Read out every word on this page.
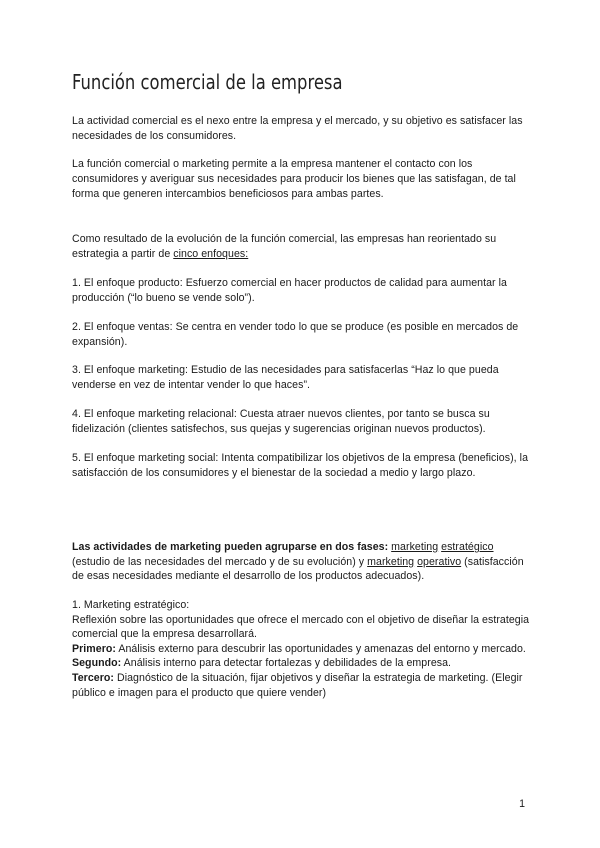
Función comercial de la empresa

La actividad comercial es el nexo entre la empresa y el mercado, y su objetivo es satisfacer las necesidades de los consumidores.

La función comercial o marketing permite a la empresa mantener el contacto con los consumidores y averiguar sus necesidades para producir los bienes que las satisfagan, de tal forma que generen intercambios beneficiosos para ambas partes.

Como resultado de la evolución de la función comercial, las empresas han reorientado su estrategia a partir de cinco enfoques:

1. El enfoque producto: Esfuerzo comercial en hacer productos de calidad para aumentar la producción (“lo bueno se vende solo”).

2. El enfoque ventas: Se centra en vender todo lo que se produce (es posible en mercados de expansión).

3. El enfoque marketing: Estudio de las necesidades para satisfacerlas “Haz lo que pueda venderse en vez de intentar vender lo que haces”.

4. El enfoque marketing relacional: Cuesta atraer nuevos clientes, por tanto se busca su fidelización (clientes satisfechos, sus quejas y sugerencias originan nuevos productos).

5. El enfoque marketing social: Intenta compatibilizar los objetivos de la empresa (beneficios), la satisfacción de los consumidores y el bienestar de la sociedad a medio y largo plazo.

Las actividades de marketing pueden agruparse en dos fases: marketing estratégico (estudio de las necesidades del mercado y de su evolución) y marketing operativo (satisfacción de esas necesidades mediante el desarrollo de los productos adecuados).

1. Marketing estratégico:
Reflexión sobre las oportunidades que ofrece el mercado con el objetivo de diseñar la estrategia comercial que la empresa desarrollará.
Primero: Análisis externo para descubrir las oportunidades y amenazas del entorno y mercado.
Segundo: Análisis interno para detectar fortalezas y debilidades de la empresa.
Tercero: Diagnóstico de la situación, fijar objetivos y diseñar la estrategia de marketing. (Elegir público e imagen para el producto que quiere vender)
1
